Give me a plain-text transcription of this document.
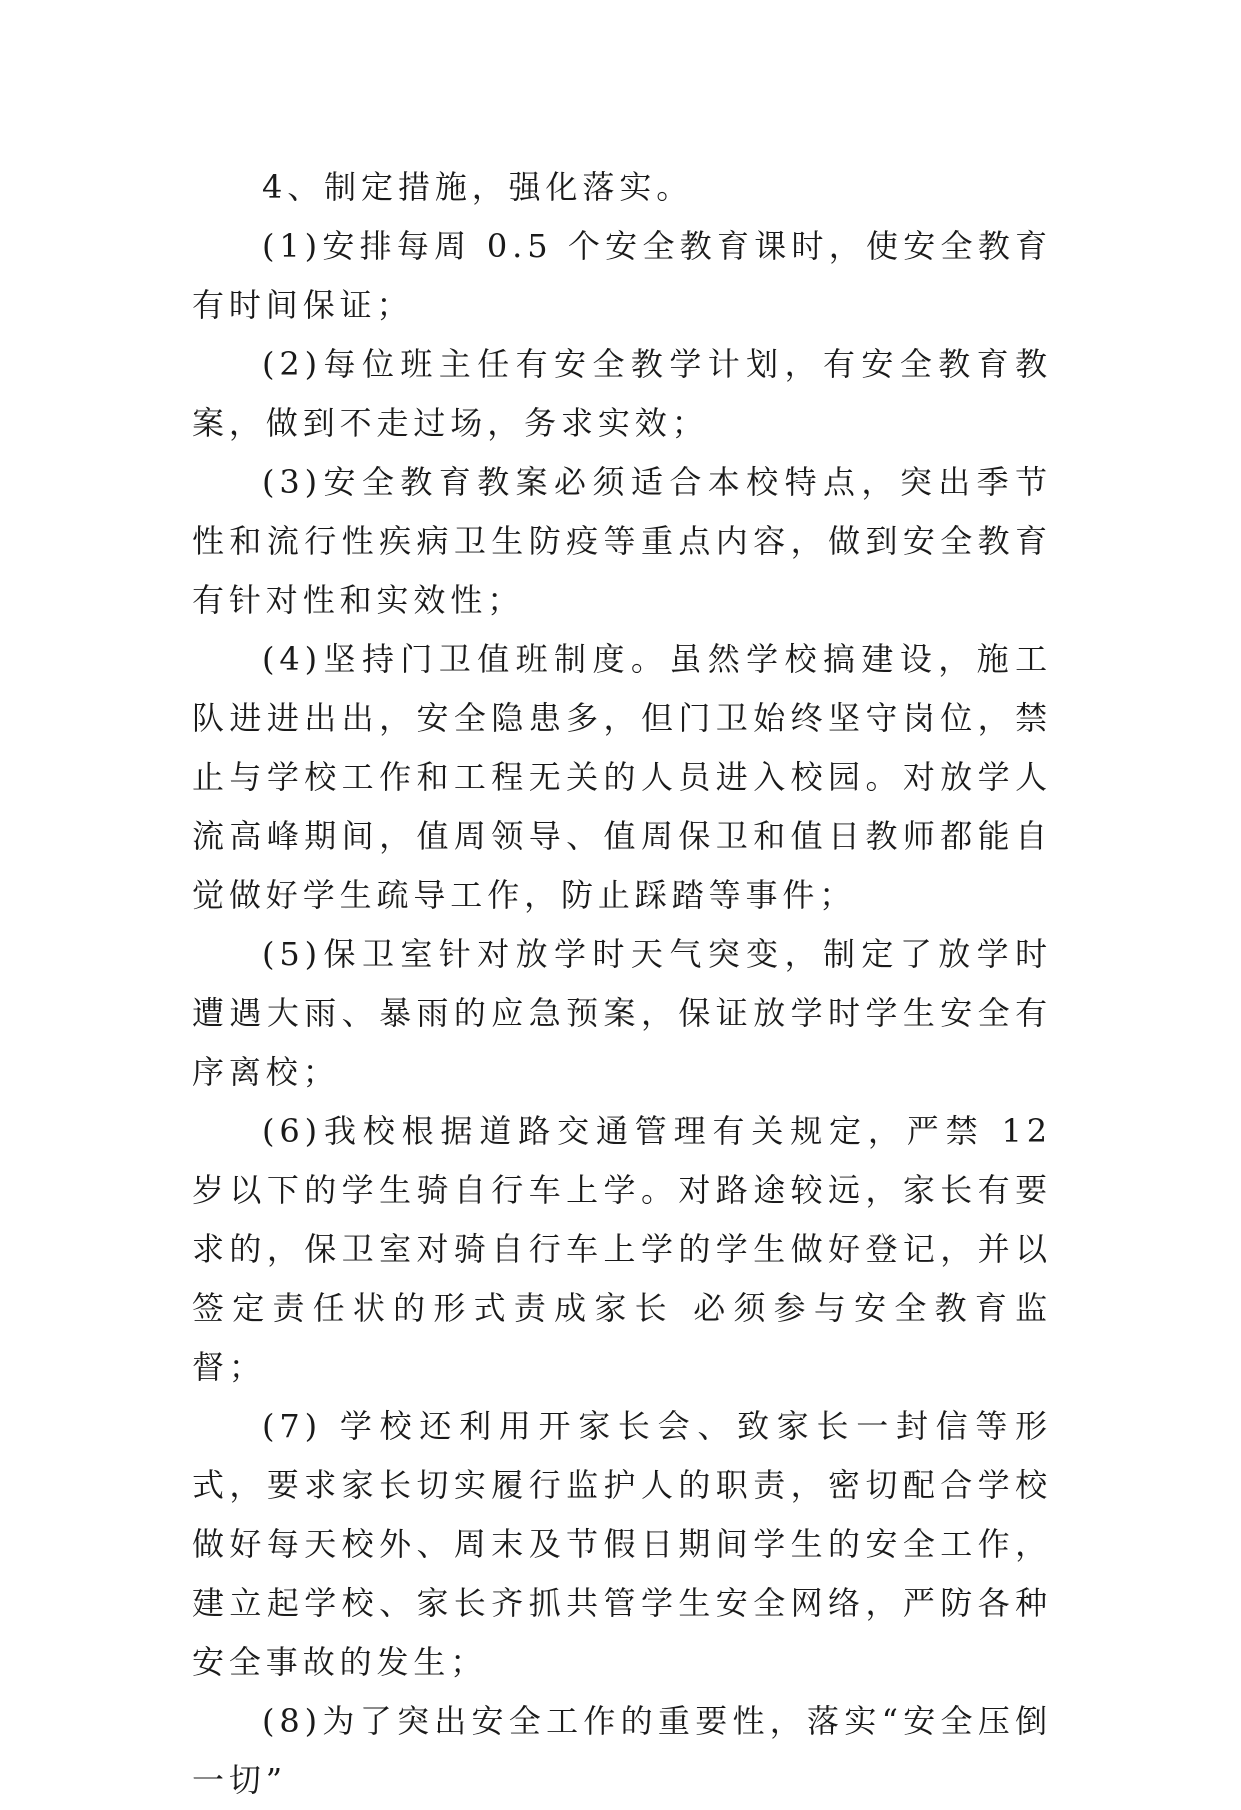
4、制定措施，强化落实。

(1)安排每周 0.5 个安全教育课时，使安全教育有时间保证；

(2)每位班主任有安全教学计划，有安全教育教案，做到不走过场，务求实效；

(3)安全教育教案必须适合本校特点，突出季节性和流行性疾病卫生防疫等重点内容，做到安全教育有针对性和实效性；

(4)坚持门卫值班制度。虽然学校搞建设，施工队进进出出，安全隐患多，但门卫始终坚守岗位，禁止与学校工作和工程无关的人员进入校园。对放学人流高峰期间，值周领导、值周保卫和值日教师都能自觉做好学生疏导工作，防止踩踏等事件；

(5)保卫室针对放学时天气突变，制定了放学时遭遇大雨、暴雨的应急预案，保证放学时学生安全有序离校；

(6)我校根据道路交通管理有关规定，严禁 12 岁以下的学生骑自行车上学。对路途较远，家长有要求的，保卫室对骑自行车上学的学生做好登记，并以签定责任状的形式责成家长 必须参与安全教育监督；

(7) 学校还利用开家长会、致家长一封信等形式，要求家长切实履行监护人的职责，密切配合学校做好每天校外、周末及节假日期间学生的安全工作，建立起学校、家长齐抓共管学生安全网络，严防各种安全事故的发生；

(8)为了突出安全工作的重要性，落实“安全压倒一切”
